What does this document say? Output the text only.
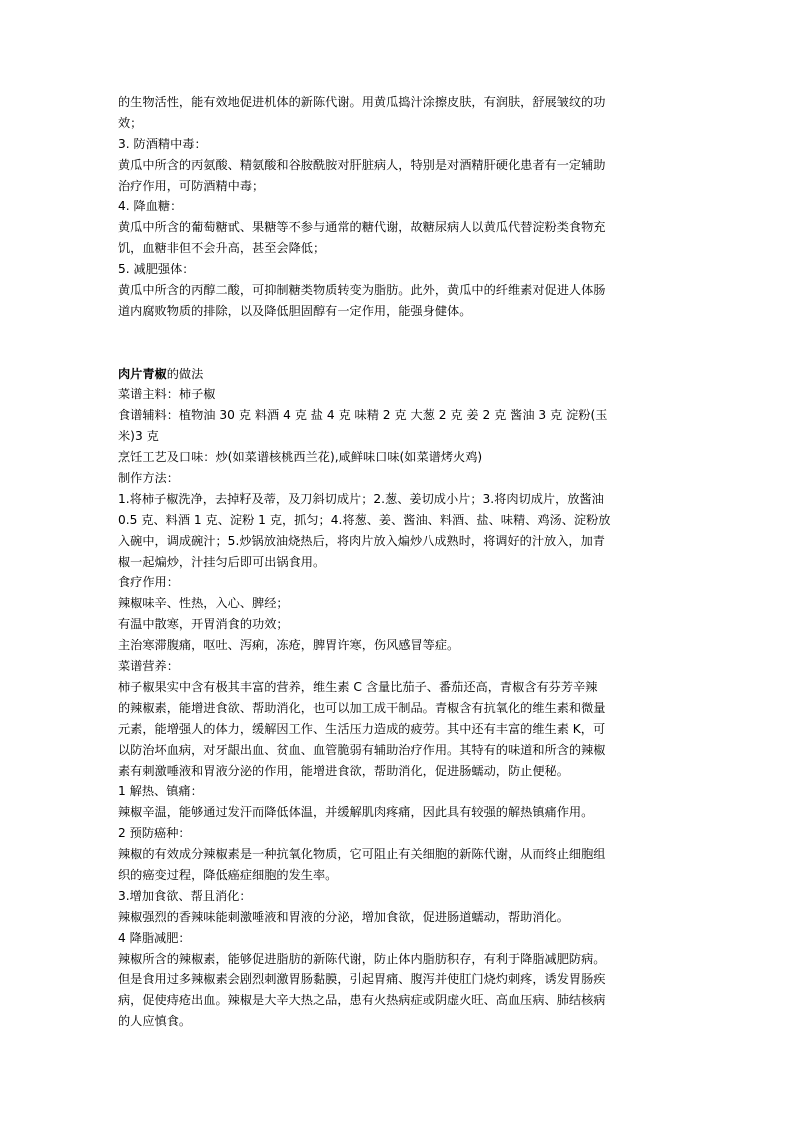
的生物活性，能有效地促进机体的新陈代谢。用黄瓜捣汁涂擦皮肤，有润肤，舒展皱纹的功
效；
3. 防酒精中毒：
黄瓜中所含的丙氨酸、精氨酸和谷胺酰胺对肝脏病人，特别是对酒精肝硬化患者有一定辅助
治疗作用，可防酒精中毒；
4. 降血糖：
黄瓜中所含的葡萄糖甙、果糖等不参与通常的糖代谢，故糖尿病人以黄瓜代替淀粉类食物充
饥，血糖非但不会升高，甚至会降低；
5. 减肥强体：
黄瓜中所含的丙醇二酸，可抑制糖类物质转变为脂肪。此外，黄瓜中的纤维素对促进人体肠
道内腐败物质的排除，以及降低胆固醇有一定作用，能强身健体。
肉片青椒的做法
菜谱主料：柿子椒
食谱辅料：植物油 30 克 料酒 4 克 盐 4 克 味精 2 克 大葱 2 克 姜 2 克 酱油 3 克 淀粉(玉
米)3 克
烹饪工艺及口味：炒(如菜谱核桃西兰花),咸鲜味口味(如菜谱烤火鸡)
制作方法：
1.将柿子椒洗净，去掉籽及蒂，及刀斜切成片；2.葱、姜切成小片；3.将肉切成片，放酱油
0.5 克、料酒 1 克、淀粉 1 克，抓匀；4.将葱、姜、酱油、料酒、盐、味精、鸡汤、淀粉放
入碗中，调成碗汁；5.炒锅放油烧热后，将肉片放入煸炒八成熟时，将调好的汁放入，加青
椒一起煸炒，汁挂匀后即可出锅食用。
食疗作用：
辣椒味辛、性热，入心、脾经；
有温中散寒，开胃消食的功效；
主治寒滞腹痛，呕吐、泻痢，冻疮，脾胃许寒，伤风感冒等症。
菜谱营养：
柿子椒果实中含有极其丰富的营养，维生素 C 含量比茄子、番茄还高，青椒含有芬芳辛辣
的辣椒素，能增进食欲、帮助消化，也可以加工成干制品。青椒含有抗氧化的维生素和微量
元素，能增强人的体力，缓解因工作、生活压力造成的疲劳。其中还有丰富的维生素 K，可
以防治坏血病，对牙龈出血、贫血、血管脆弱有辅助治疗作用。其特有的味道和所含的辣椒
素有刺激唾液和胃液分泌的作用，能增进食欲，帮助消化，促进肠蠕动，防止便秘。
1 解热、镇痛：
辣椒辛温，能够通过发汗而降低体温，并缓解肌肉疼痛，因此具有较强的解热镇痛作用。
2 预防癌种：
辣椒的有效成分辣椒素是一种抗氧化物质，它可阻止有关细胞的新陈代谢，从而终止细胞组
织的癌变过程，降低癌症细胞的发生率。
3.增加食欲、帮且消化：
辣椒强烈的香辣味能刺激唾液和胃液的分泌，增加食欲，促进肠道蠕动，帮助消化。
4 降脂减肥：
辣椒所含的辣椒素，能够促进脂肪的新陈代谢，防止体内脂肪积存，有利于降脂减肥防病。
但是食用过多辣椒素会剧烈刺激胃肠黏膜，引起胃痛、腹泻并使肛门烧灼刺疼，诱发胃肠疾
病，促使痔疮出血。辣椒是大辛大热之品，患有火热病症或阴虚火旺、高血压病、肺结核病
的人应慎食。
